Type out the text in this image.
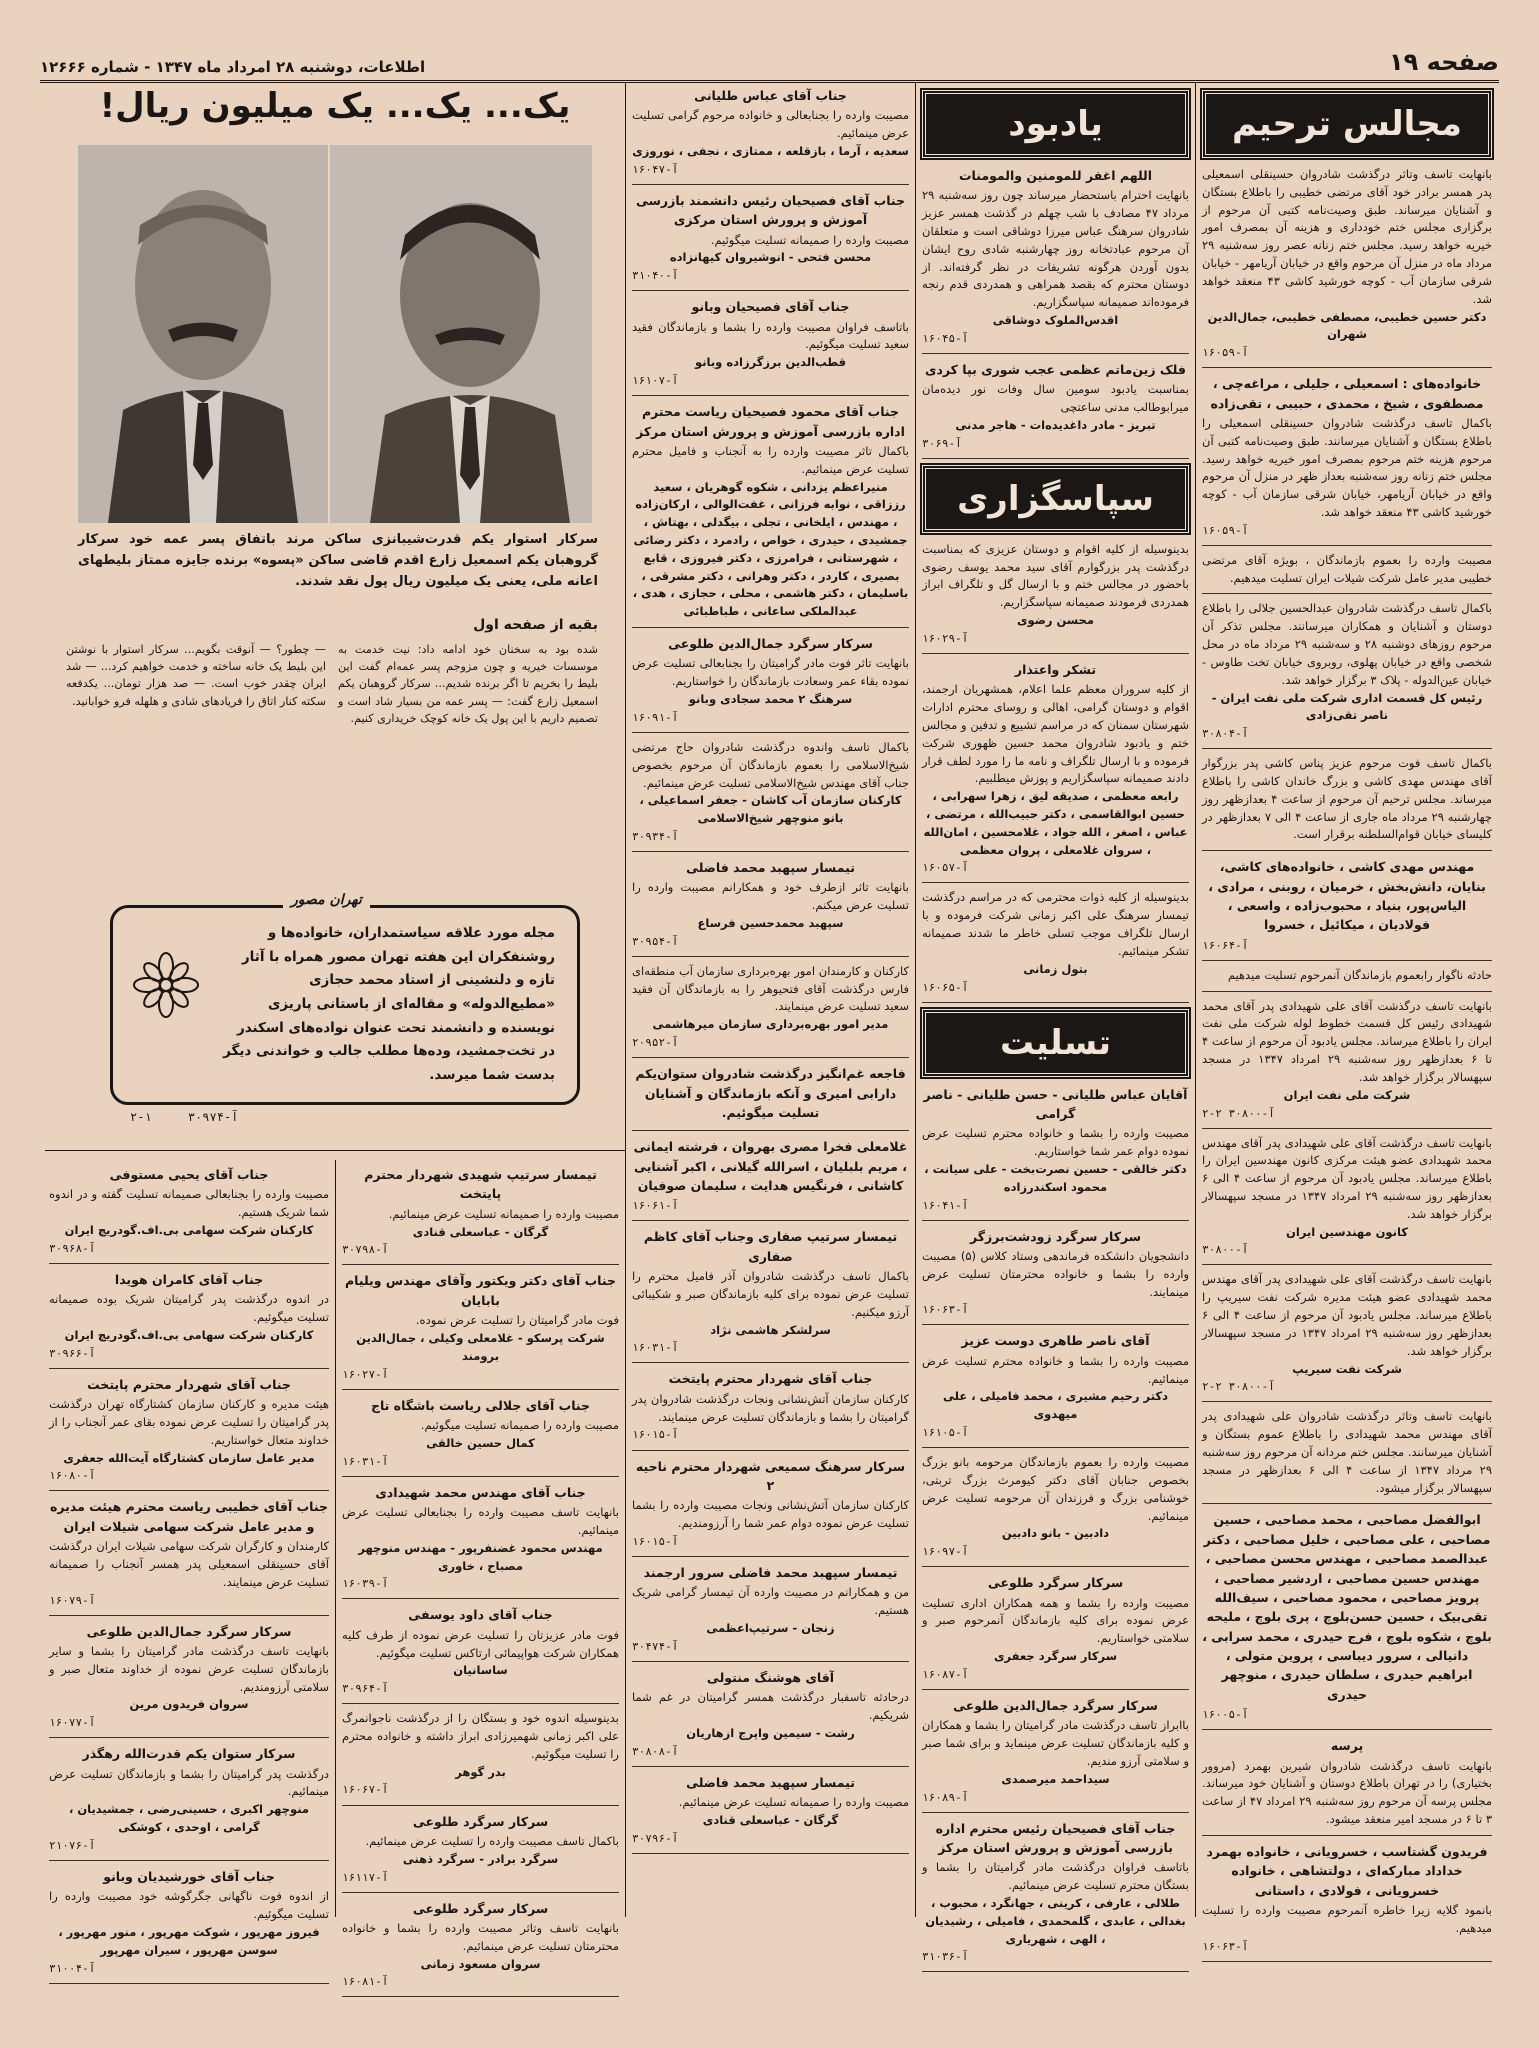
صفحه ۱۹
اطلاعات، دوشنبه ۲۸ امرداد ماه ۱۳۴۷ - شماره ۱۲۶۶۶
مجالس ترحیم
بانهایت تاسف وتاثر درگذشت شادروان حسینقلی اسمعیلی پدر همسر برادر خود آقای مرتضی خطیبی را باطلاع بستگان و آشنایان میرساند. طبق وصیت‌نامه کتبی آن مرحوم از برگزاری مجلس ختم خودداری و هزینه آن بمصرف امور خیریه خواهد رسید. مجلس ختم زنانه عصر روز سه‌شنبه ۲۹ مرداد ماه در منزل آن مرحوم واقع در خیابان آریامهر - خیابان شرقی سازمان آب - کوچه خورشید کاشی ۴۳ منعقد خواهد شد.
دکتر حسین خطیبی، مصطفی خطیبی، جمال‌الدین شهران
آ-۱۶۰۵۹
خانواده‌های : اسمعیلی ، جلیلی ، مراغه‌چی ، مصطفوی ، شیخ ، محمدی ، حبیبی ، تقی‌زاده
باکمال تاسف درگذشت شادروان حسینقلی اسمعیلی را باطلاع بستگان و آشنایان میرسانند. طبق وصیت‌نامه کتبی آن مرحوم هزینه ختم مرحوم بمصرف امور خیریه خواهد رسید. مجلس ختم زنانه روز سه‌شنبه بعداز ظهر در منزل آن مرحوم واقع در خیابان آریامهر، خیابان شرقی سازمان آب - کوچه خورشید کاشی ۴۳ منعقد خواهد شد.
آ-۱۶۰۵۹
مصیبت وارده را بعموم بازماندگان ، بویژه آقای مرتضی خطیبی مدیر عامل شرکت شیلات ایران تسلیت میدهیم.
باکمال تاسف درگذشت شادروان عبدالحسین جلالی را باطلاع دوستان و آشنایان و همکاران میرسانند. مجلس تذکر آن مرحوم روزهای دوشنبه ۲۸ و سه‌شنبه ۲۹ مرداد ماه در محل شخصی واقع در خیابان پهلوی، روبروی خیابان تخت طاوس - خیابان عین‌الدوله - پلاک ۳ برگزار خواهد شد.
رئیس کل قسمت اداری شرکت ملی نفت ایران - ناصر تقی‌زادی
آ-۳۰۸۰۴
باکمال تاسف فوت مرحوم عزیز پناس کاشی پدر بزرگوار آقای مهندس مهدی کاشی و بزرگ خاندان کاشی را باطلاع میرساند. مجلس ترحیم آن مرحوم از ساعت ۴ بعدازظهر روز چهارشنبه ۲۹ مرداد ماه جاری از ساعت ۴ الی ۷ بعدازظهر در کلیسای خیابان قوام‌السلطنه برقرار است.
مهندس مهدی کاشی ، خانواده‌های کاشی، بنایان، دانش‌بخش ، خرمیان ، روبنی ، مرادی ، الیاس‌پور، بنیاد ، محبوب‌زاده ، واسعی ، فولادیان ، میکائیل ، خسروا
آ-۱۶۰۶۴
حادثه ناگوار رابعموم بازماندگان آنمرحوم تسلیت میدهیم
بانهایت تاسف درگذشت آقای علی شهیدادی پدر آقای محمد شهیدادی رئیس کل قسمت خطوط لوله شرکت ملی نفت ایران را باطلاع میرساند. مجلس یادبود آن مرحوم از ساعت ۴ تا ۶ بعدازظهر روز سه‌شنبه ۲۹ امرداد ۱۳۴۷ در مسجد سپهسالار برگزار خواهد شد.
شرکت ملی نفت ایران
آ-۳۰۸۰۰ ۲-۲
بانهایت تاسف درگذشت آقای علی شهیدادی پدر آقای مهندس محمد شهیدادی عضو هیئت مرکزی کانون مهندسین ایران را باطلاع میرساند. مجلس یادبود آن مرحوم از ساعت ۴ الی ۶ بعدازظهر روز سه‌شنبه ۲۹ امرداد ۱۳۴۷ در مسجد سپهسالار برگزار خواهد شد.
کانون مهندسین ایران
آ-۳۰۸۰۰
بانهایت تاسف درگذشت آقای علی شهیدادی پدر آقای مهندس محمد شهیدادی عضو هیئت مدیره شرکت نفت سیریپ را باطلاع میرساند. مجلس یادبود آن مرحوم از ساعت ۴ الی ۶ بعدازظهر روز سه‌شنبه ۲۹ امرداد ۱۳۴۷ در مسجد سپهسالار برگزار خواهد شد.
شرکت نفت سیریپ
آ-۳۰۸۰۰ ۲-۲
بانهایت تاسف وتاثر درگذشت شادروان علی شهیدادی پدر آقای مهندس محمد شهیدادی را باطلاع عموم بستگان و آشنایان میرسانند. مجلس ختم مردانه آن مرحوم روز سه‌شنبه ۲۹ مرداد ۱۳۴۷ از ساعت ۴ الی ۶ بعدازظهر در مسجد سپهسالار برگزار میشود.
ابوالفضل مصاحبی ، محمد مصاحبی ، حسین مصاحبی ، علی مصاحبی ، خلیل مصاحبی ، دکتر عبدالصمد مصاحبی ، مهندس محسن مصاحبی ، مهندس حسین مصاحبی ، اردشیر مصاحبی ، پرویز مصاحبی ، محمود مصاحبی ، سیف‌الله تقی‌بیک ، حسین حسن‌بلوچ ، پری بلوچ ، ملیحه بلوچ ، شکوه بلوچ ، فرج حیدری ، محمد سرابی ، دانیالی ، سرور دیباسی ، پروین متولی ، ابراهیم حیدری ، سلطان حیدری ، منوچهر حیدری
آ-۱۶۰۰۵
پرسه
بانهایت تاسف درگذشت شادروان شیرین بهمرد (مروور بختیاری) را در تهران باطلاع دوستان و آشنایان خود میرساند. مجلس پرسه آن مرحوم روز سه‌شنبه ۲۹ امرداد ۴۷ از ساعت ۳ تا ۶ در مسجد امیر منعقد میشود.
فریدون گشتاسب ، خسرویانی ، خانواده بهمرد خداداد مبارکه‌ای ، دولتشاهی ، خانواده خسرویانی ، فولادی ، داستانی
بانمود گلایه زیرا خاطره آنمرحوم مصیبت وارده را تسلیت میدهیم.
آ-۱۶۰۶۳
یادبود
اللهم اغفر للمومنین والمومنات
بانهایت احترام باستحضار میرساند چون روز سه‌شنبه ۲۹ مرداد ۴۷ مصادف با شب چهلم در گذشت همسر عزیز شادروان سرهنگ عباس میرزا دوشاقی است و متعلقان آن مرحوم عبادتخانه روز چهارشنبه شادی روح ایشان بدون آوردن هرگونه تشریفات در نظر گرفته‌اند. از دوستان محترم که بقصد همراهی و همدردی قدم رنجه فرموده‌اند صمیمانه سپاسگزاریم.
اقدس‌الملوک دوشاقی
آ-۱۶۰۴۵
فلک زین‌ماتم عظمی عجب شوری بپا کردی
بمناسبت یادبود سومین سال وفات نور دیده‌مان میرابوطالب مدنی ساعتچی
تبریز - مادر داغدیده‌ات - هاجر مدنی
آ-۳۰۶۹
سپاسگزاری
بدینوسیله از کلیه اقوام و دوستان عزیزی که بمناسبت درگذشت پدر بزرگوارم آقای سید محمد یوسف رضوی باحضور در مجالس ختم و با ارسال گل و تلگراف ابراز همدردی فرمودند صمیمانه سپاسگزاریم.
محسن رضوی
آ-۱۶۰۲۹
تشکر واعتذار
از کلیه سروران معظم علما اعلام، همشهریان ارجمند، اقوام و دوستان گرامی، اهالی و روسای محترم ادارات شهرستان سمنان که در مراسم تشییع و تدفین و مجالس ختم و یادبود شادروان محمد حسین ظهوری شرکت فرموده و با ارسال تلگراف و نامه ما را مورد لطف قرار دادند صمیمانه سپاسگزاریم و پوزش میطلبیم.
رابعه معظمی ، صدیقه لیق ، زهرا سهرابی ، حسین ابوالقاسمی ، دکتر حبیب‌الله ، مرتضی ، عباس ، اصغر ، الله جواد ، غلامحسین ، امان‌الله ، سروان غلامعلی ، پروان معظمی
آ-۱۶۰۵۷
بدینوسیله از کلیه ذوات محترمی که در مراسم درگذشت تیمسار سرهنگ علی اکبر زمانی شرکت فرموده و با ارسال تلگراف موجب تسلی خاطر ما شدند صمیمانه تشکر مینمائیم.
بتول زمانی
آ-۱۶۰۶۵
تسلیت
آقایان عباس طلیانی - حسن طلیانی - ناصر گرامی
مصیبت وارده را بشما و خانواده محترم تسلیت عرض نموده دوام عمر شما خواستاریم.
دکتر خالقی - حسین نصرت‌بخت - علی سیانت ، محمود اسکندرزاده
آ-۱۶۰۴۱
سرکار سرگرد زودشت‌برزگر
دانشجویان دانشکده فرماندهی وستاد کلاس (۵) مصیبت وارده را بشما و خانواده محترمتان تسلیت عرض مینمایند.
آ-۱۶۰۶۳
آقای ناصر طاهری دوست عزیز
مصیبت وارده را بشما و خانواده محترم تسلیت عرض مینمائیم.
دکتر رحیم مشیری ، محمد فامیلی ، علی میهدوی
آ-۱۶۱۰۵
مصیبت وارده را بعموم بازماندگان مرحومه بانو بزرگ بخصوص جنابان آقای دکتر کیومرث بزرگ تربتی، خوشنامی بزرگ و فرزندان آن مرحومه تسلیت عرض مینمائیم.
دادبین - بانو دادبین
آ-۱۶۰۹۷
سرکار سرگرد طلوعی
مصیبت وارده را بشما و همه همکاران اداری تسلیت عرض نموده برای کلیه بازماندگان آنمرحوم صبر و سلامتی خواستاریم.
سرکار سرگرد جعفری
آ-۱۶۰۸۷
سرکار سرگرد جمال‌الدین طلوعی
باابراز تاسف درگذشت مادر گرامیتان را بشما و همکاران و کلیه بازماندگان تسلیت عرض مینماید و برای شما صبر و سلامتی آرزو مندیم.
سیداحمد میرصمدی
آ-۱۶۰۸۹
جناب آقای فصیحیان رئیس محترم اداره بازرسی آموزش و پرورش استان مرکز
باتاسف فراوان درگذشت مادر گرامیتان را بشما و بستگان محترم تسلیت عرض مینمائیم.
طلالی ، عارفی ، کرینی ، جهانگرد ، محبوب ، بغدالی ، عابدی ، گلمحمدی ، فامیلی ، رشیدیان ، الهی ، شهریاری
آ-۳۱۰۳۶
جناب آقای عباس طلیانی
مصیبت وارده را بجنابعالی و خانواده مرحوم گرامی تسلیت عرض مینمائیم.
سعدیه ، آرما ، بازقلعه ، ممتازی ، نجفی ، نوروزی
آ-۱۶۰۴۷
جناب آقای فصیحیان رئیس دانشمند بازرسی آموزش و پرورش استان مرکزی
مصیبت وارده را صمیمانه تسلیت میگوئیم.
محسن فتحی - انوشیروان کیهانزاده
آ-۳۱۰۴۰
جناب آقای فصیحیان وبانو
باتاسف فراوان مصیبت وارده را بشما و بازماندگان فقید سعید تسلیت میگوئیم.
قطب‌الدین برزگرزاده وبانو
آ-۱۶۱۰۷
جناب آقای محمود فصیحیان ریاست محترم اداره بازرسی آموزش و پرورش استان مرکز
باکمال تاثر مصیبت وارده را به آنجناب و فامیل محترم تسلیت عرض مینمائیم.
منیراعظم یزدانی ، شکوه گوهریان ، سعید رززاقی ، نوابه فرزانی ، غفت‌الوالی ، ارکان‌زاده ، مهندس ، ایلخانی ، تجلی ، بیگدلی ، بهتاش ، جمشیدی ، حیدری ، خواص ، رادمرد ، دکتر رضائی ، شهرستانی ، فرامرزی ، دکتر فیروزی ، قابع بصیری ، کاردر ، دکتر وهرانی ، دکتر مشرقی ، باسلیمان ، دکتر هاشمی ، محلی ، حجازی ، هدی ، عبدالملکی ساعانی ، طباطبائی
سرکار سرگرد جمال‌الدین طلوعی
بانهایت تاثر فوت مادر گرامیتان را بجنابعالی تسلیت عرض نموده بقاء عمر وسعادت بازماندگان را خواستاریم.
سرهنگ ۲ محمد سجادی وبانو
آ-۱۶۰۹۱
باکمال تاسف واندوه درگذشت شادروان حاج مرتضی شیخ‌الاسلامی را بعموم بازماندگان آن مرحوم بخصوص جناب آقای مهندس شیخ‌الاسلامی تسلیت عرض مینمائیم.
کارکنان سازمان آب کاشان - جعفر اسماعیلی ، بانو منوچهر شیخ‌الاسلامی
آ-۳۰۹۳۴
تیمسار سپهبد محمد فاضلی
بانهایت تاثر ازطرف خود و همکارانم مصیبت وارده را تسلیت عرض میکنم.
سپهبد محمدحسین فرساع
آ-۳۰۹۵۴
کارکنان و کارمندان امور بهره‌برداری سازمان آب منطقه‌ای فارس درگذشت آقای فتحیوهر را به بازماندگان آن فقید سعید تسلیت عرض مینمایند.
مدیر امور بهره‌برداری سازمان میرهاشمی
آ-۲۰۹۵۲
فاجعه غم‌انگیز درگذشت شادروان ستوان‌یکم دارابی امیری و آنکه بازماندگان و آشنایان تسلیت میگوئیم.
غلامعلی فخرا مصری بهروان ، فرشته ایمانی ، مریم بلبلیان ، اسرالله گیلانی ، اکبر آشنایی کاشانی ، فرنگیس هدایت ، سلیمان صوفیان
آ-۱۶۰۶۱
تیمسار سرتیپ صفاری وجناب آقای کاظم صفاری
باکمال تاسف درگذشت شادروان آذر فامیل محترم را تسلیت عرض نموده برای کلیه بازماندگان صبر و شکیبائی آرزو میکنیم.
سرلشکر هاشمی نژاد
آ-۱۶۰۳۱
جناب آقای شهردار محترم پایتخت
کارکنان سازمان آتش‌نشانی ونجات درگذشت شادروان پدر گرامیتان را بشما و بازماندگان تسلیت عرض مینمایند.
آ-۱۶۰۱۵
سرکار سرهنگ سمیعی شهردار محترم ناحیه ۲
کارکنان سازمان آتش‌نشانی ونجات مصیبت وارده را بشما تسلیت عرض نموده دوام عمر شما را آرزومندیم.
آ-۱۶۰۱۵
تیمسار سپهبد محمد فاضلی سرور ارجمند
من و همکارانم در مصیبت وارده آن تیمسار گرامی شریک هستیم.
زنجان - سرتیپ‌اعظمی
آ-۳۰۴۷۴
آقای هوشنگ منتولی
درحادثه تاسفبار درگذشت همسر گرامیتان در غم شما شریکیم.
رشت - سیمین واپرج ازهاریان
آ-۳۰۸۰۸
تیمسار سپهبد محمد فاضلی
مصیبت وارده را صمیمانه تسلیت عرض مینمائیم.
گرگان - عباسعلی قنادی
آ-۳۰۷۹۶
یک... یک... یک میلیون ریال!
سرکار استوار یکم قدرت‌شیبانزی ساکن مرند باتفاق پسر عمه خود سرکار گروهبان یکم اسمعیل زارع اقدم قاضی ساکن «پسوه» برنده جایزه ممتاز بلیطهای اعانه ملی، یعنی یک میلیون ریال پول نقد شدند.
بقیه از صفحه اول
شده بود به سخنان خود ادامه داد: نیت خدمت به موسسات خیریه و چون مزوجم پسر عمه‌ام گفت این بلیط را بخریم تا اگر برنده شدیم... سرکار گروهبان یکم اسمعیل زارع گفت: — پسر عمه من بسیار شاد است و تصمیم داریم با این پول یک خانه کوچک خریداری کنیم.
— چطور؟ — آنوقت بگویم... سرکار استوار با نوشتن این بلیط یک خانه ساخته و خدمت خواهیم کرد... — شد ایران چقدر خوب است. — صد هزار تومان... یکدفعه سکته کنار اتاق را فریادهای شادی و هلهله فرو خوابانید.
تهران مصور
مجله مورد علاقه سیاستمداران، خانواده‌ها و روشنفکران این هفته تهران مصور همراه با آثار تازه و دلنشینی از استاد محمد حجازی «مطیع‌الدوله» و مقاله‌ای از باستانی پاریزی نویسنده و دانشمند تحت عنوان نواده‌های اسکندر در تخت‌جمشید، وده‌ها مطلب جالب و خواندنی دیگر بدست شما میرسد.
آ-۳۰۹۷۴     ۱-۲
تیمسار سرتیپ شهیدی شهردار محترم پایتخت
مصیبت وارده را صمیمانه تسلیت عرض مینمائیم.
گرگان - عباسعلی قنادی
آ-۳۰۷۹۸
جناب آقای دکتر ویکتور وآقای مهندس ویلیام بابایان
فوت مادر گرامیتان را تسلیت عرض نموده.
شرکت پرسکو - غلامعلی وکیلی ، جمال‌الدین برومند
آ-۱۶۰۲۷
جناب آقای جلالی ریاست باشگاه تاج
مصیبت وارده را صمیمانه تسلیت میگوئیم.
کمال حسین خالقی
آ-۱۶۰۳۱
جناب آقای مهندس محمد شهیدادی
بانهایت تاسف مصیبت وارده را بجنابعالی تسلیت عرض مینمائیم.
مهندس محمود غضنفرپور - مهندس منوچهر مصباح ، خاوری
آ-۱۶۰۳۹
جناب آقای داود یوسفی
فوت مادر عزیزتان را تسلیت عرض نموده از طرف کلیه همکاران شرکت هواپیمائی ارتاکس تسلیت میگوئیم.
ساسانیان
آ-۳۰۹۶۴
بدینوسیله اندوه خود و بستگان را از درگذشت ناجوانمرگ علی اکبر زمانی شهمیرزادی ابراز داشته و خانواده محترم را تسلیت میگوئیم.
بدر گوهر
آ-۱۶۰۶۷
سرکار سرگرد طلوعی
باکمال تاسف مصیبت وارده را تسلیت عرض مینمائیم.
سرگرد برادر - سرگرد ذهنی
آ-۱۶۱۱۷
سرکار سرگرد طلوعی
بانهایت تاسف وتاثر مصیبت وارده را بشما و خانواده محترمتان تسلیت عرض مینمائیم.
سروان مسعود زمانی
آ-۱۶۰۸۱
جناب آقای یحیی مستوفی
مصیبت وارده را بجنابعالی صمیمانه تسلیت گفته و در اندوه شما شریک هستیم.
کارکنان شرکت سهامی بی.اف.گودریچ ایران
آ-۳۰۹۶۸
جناب آقای کامران هویدا
در اندوه درگذشت پدر گرامیتان شریک بوده صمیمانه تسلیت میگوئیم.
کارکنان شرکت سهامی بی.اف.گودریچ ایران
آ-۳۰۹۶۶
جناب آقای شهردار محترم پایتخت
هیئت مدیره و کارکنان سازمان کشتارگاه تهران درگذشت پدر گرامیتان را تسلیت عرض نموده بقای عمر آنجناب را از خداوند متعال خواستاریم.
مدیر عامل سازمان کشتارگاه آیت‌الله جعفری
آ-۱۶۰۸۰
جناب آقای خطیبی ریاست محترم هیئت مدیره و مدیر عامل شرکت سهامی شیلات ایران
کارمندان و کارگران شرکت سهامی شیلات ایران درگذشت آقای حسینقلی اسمعیلی پدر همسر آنجناب را صمیمانه تسلیت عرض مینمایند.
آ-۱۶۰۷۹
سرکار سرگرد جمال‌الدین طلوعی
بانهایت تاسف درگذشت مادر گرامیتان را بشما و سایر بازماندگان تسلیت عرض نموده از خداوند متعال صبر و سلامتی آرزومندیم.
سروان فریدون مرین
آ-۱۶۰۷۷
سرکار ستوان یکم قدرت‌الله رهگذر
درگذشت پدر گرامیتان را بشما و بازماندگان تسلیت عرض مینمائیم.
منوچهر اکبری ، حسینی‌رضی ، جمشیدیان ، گرامی ، اوحدی ، کوشکی
آ-۲۱۰۷۶
جناب آقای خورشیدیان وبانو
از اندوه فوت ناگهانی جگرگوشه خود مصیبت وارده را تسلیت میگوئیم.
فیروز مهرپور ، شوکت مهرپور ، منور مهرپور ، سوسن مهرپور ، سیران مهرپور
آ-۳۱۰۰۴
